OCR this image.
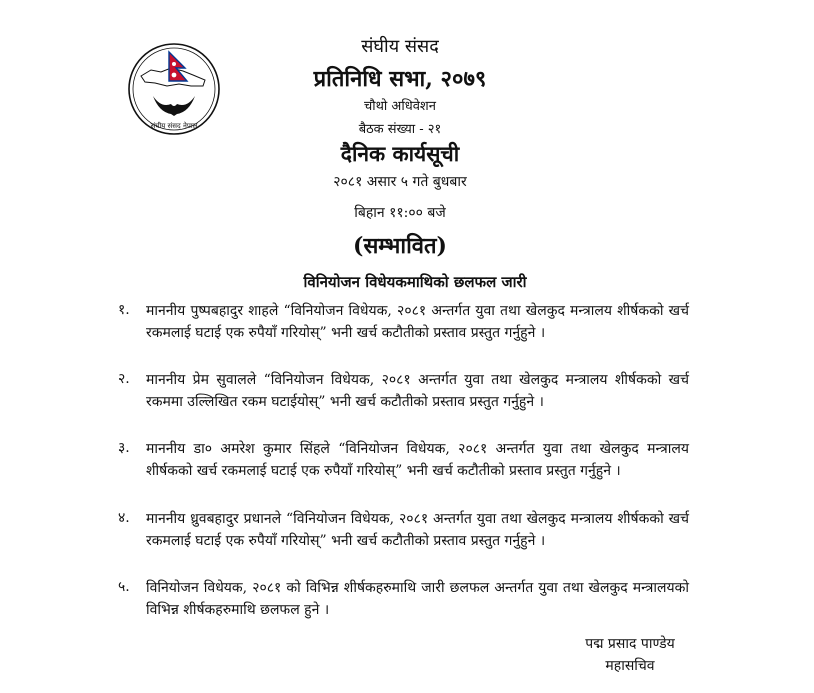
संघीय संसद नेपाल
संघीय संसद
प्रतिनिधि सभा, २०७९
चौथो अधिवेशन
बैठक संख्या - २१
दैनिक कार्यसूची
२०८१ असार ५ गते बुधबार
बिहान ११:०० बजे
(सम्भावित)
विनियोजन विधेयकमाथिको छलफल जारी
१. माननीय पुष्पबहादुर शाहले “विनियोजन विधेयक, २०८१ अन्तर्गत युवा तथा खेलकुद मन्त्रालय शीर्षकको खर्च रकमलाई घटाई एक रुपैयाँ गरियोस्” भनी खर्च कटौतीको प्रस्ताव प्रस्तुत गर्नुहुने ।
२. माननीय प्रेम सुवालले “विनियोजन विधेयक, २०८१ अन्तर्गत युवा तथा खेलकुद मन्त्रालय शीर्षकको खर्च रकममा उल्लिखित रकम घटाईयोस्” भनी खर्च कटौतीको प्रस्ताव प्रस्तुत गर्नुहुने ।
३. माननीय डा० अमरेश कुमार सिंहले “विनियोजन विधेयक, २०८१ अन्तर्गत युवा तथा खेलकुद मन्त्रालय शीर्षकको खर्च रकमलाई घटाई एक रुपैयाँ गरियोस्” भनी खर्च कटौतीको प्रस्ताव प्रस्तुत गर्नुहुने ।
४. माननीय ध्रुवबहादुर प्रधानले “विनियोजन विधेयक, २०८१ अन्तर्गत युवा तथा खेलकुद मन्त्रालय शीर्षकको खर्च रकमलाई घटाई एक रुपैयाँ गरियोस्” भनी खर्च कटौतीको प्रस्ताव प्रस्तुत गर्नुहुने ।
५. विनियोजन विधेयक, २०८१ को विभिन्न शीर्षकहरुमाथि जारी छलफल अन्तर्गत युवा तथा खेलकुद मन्त्रालयको विभिन्न शीर्षकहरुमाथि छलफल हुने ।
पद्म प्रसाद पाण्डेय
महासचिव
